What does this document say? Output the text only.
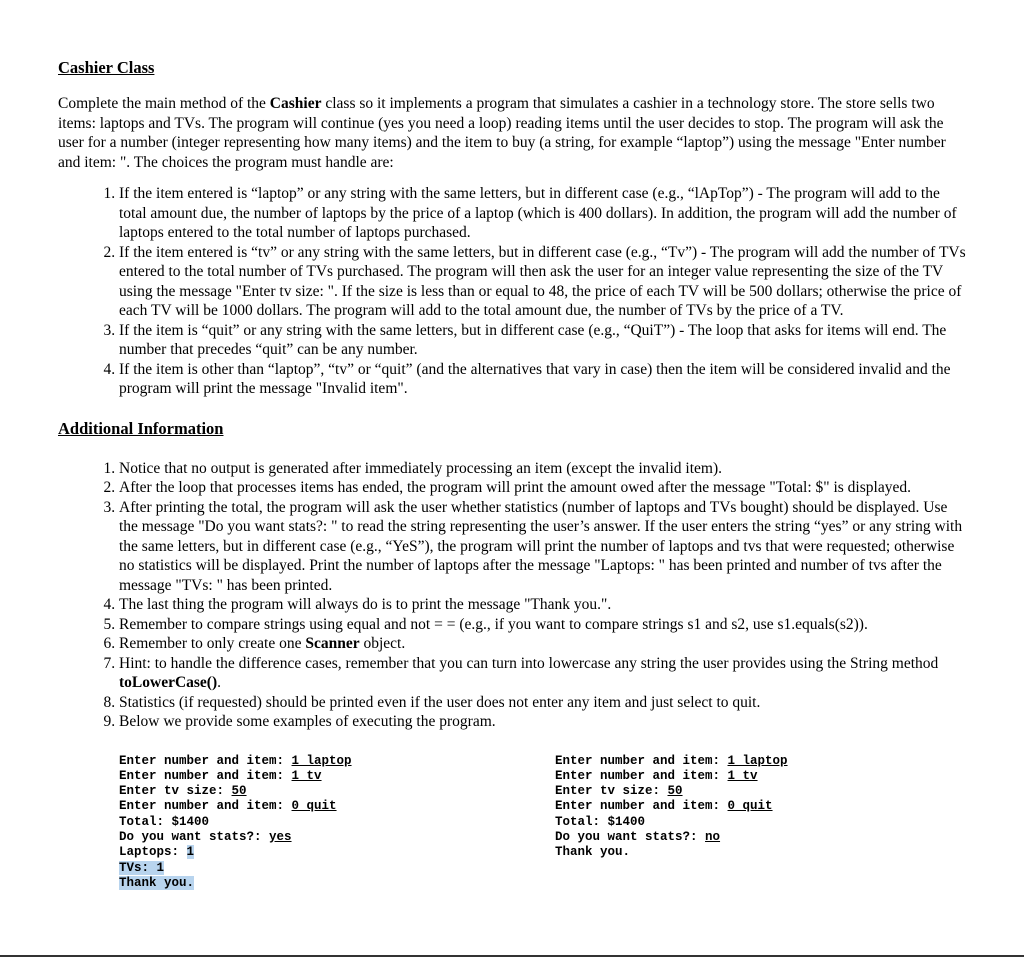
Cashier Class

Complete the main method of the Cashier class so it implements a program that simulates a cashier in a technology store. The store sells two items: laptops and TVs. The program will continue (yes you need a loop) reading items until the user decides to stop. The program will ask the user for a number (integer representing how many items) and the item to buy (a string, for example “laptop”) using the message "Enter number and item: ". The choices the program must handle are:

1. If the item entered is “laptop” or any string with the same letters, but in different case (e.g., “lApTop”) - The program will add to the total amount due, the number of laptops by the price of a laptop (which is 400 dollars). In addition, the program will add the number of laptops entered to the total number of laptops purchased.
2. If the item entered is “tv” or any string with the same letters, but in different case (e.g., “Tv”) - The program will add the number of TVs entered to the total number of TVs purchased. The program will then ask the user for an integer value representing the size of the TV using the message "Enter tv size: ". If the size is less than or equal to 48, the price of each TV will be 500 dollars; otherwise the price of each TV will be 1000 dollars. The program will add to the total amount due, the number of TVs by the price of a TV.
3. If the item is “quit” or any string with the same letters, but in different case (e.g., “QuiT”) - The loop that asks for items will end. The number that precedes “quit” can be any number.
4. If the item is other than “laptop”, “tv” or “quit” (and the alternatives that vary in case) then the item will be considered invalid and the program will print the message "Invalid item".
Additional Information
1. Notice that no output is generated after immediately processing an item (except the invalid item).
2. After the loop that processes items has ended, the program will print the amount owed after the message "Total: $" is displayed.
3. After printing the total, the program will ask the user whether statistics (number of laptops and TVs bought) should be displayed. Use the message "Do you want stats?: " to read the string representing the user’s answer. If the user enters the string “yes” or any string with the same letters, but in different case (e.g., “YeS”), the program will print the number of laptops and tvs that were requested; otherwise no statistics will be displayed. Print the number of laptops after the message "Laptops: " has been printed and number of tvs after the message "TVs: " has been printed.
4. The last thing the program will always do is to print the message "Thank you.".
5. Remember to compare strings using equal and not = = (e.g., if you want to compare strings s1 and s2, use s1.equals(s2)).
6. Remember to only create one Scanner object.
7. Hint: to handle the difference cases, remember that you can turn into lowercase any string the user provides using the String method toLowerCase().
8. Statistics (if requested) should be printed even if the user does not enter any item and just select to quit.
9. Below we provide some examples of executing the program.
Enter number and item: 1 laptop
Enter number and item: 1 tv
Enter tv size: 50
Enter number and item: 0 quit
Total: $1400
Do you want stats?: yes
Laptops: 1
TVs: 1
Thank you.
Enter number and item: 1 laptop
Enter number and item: 1 tv
Enter tv size: 50
Enter number and item: 0 quit
Total: $1400
Do you want stats?: no
Thank you.
